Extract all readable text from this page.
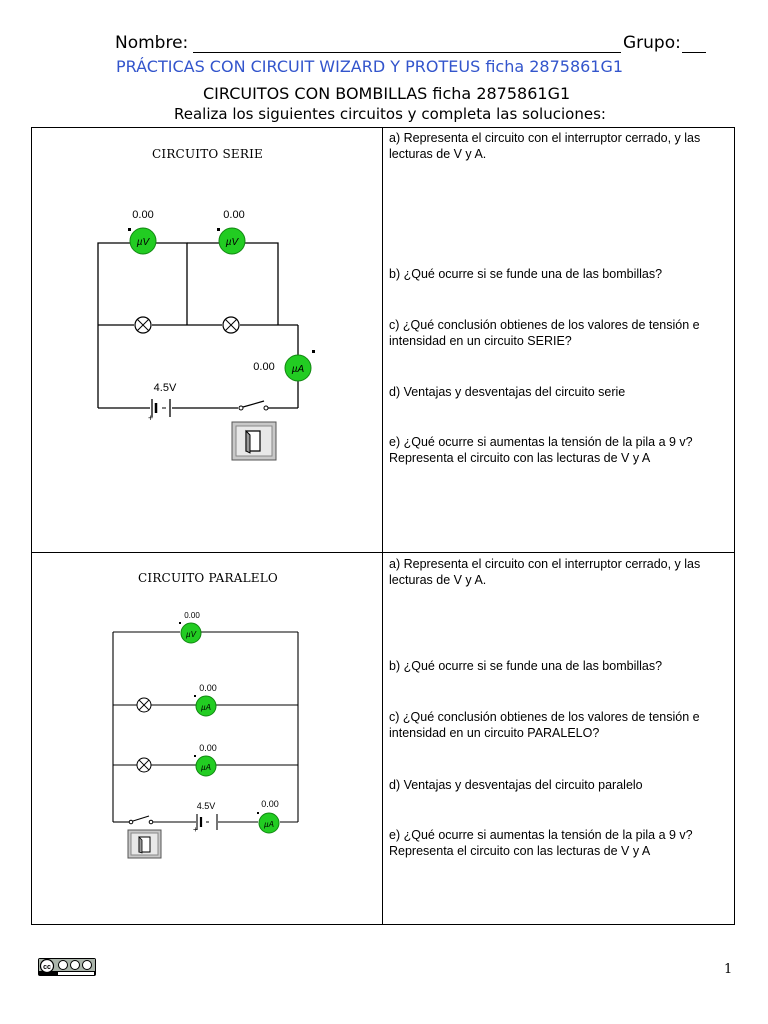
Nombre:	Grupo:
PRÁCTICAS CON CIRCUIT WIZARD Y PROTEUS ficha 2875861G1
CIRCUITOS CON BOMBILLAS ficha 2875861G1
Realiza los siguientes circuitos y completa las soluciones:
CIRCUITO SERIE
µV
0.00
µV
0.00
µA
0.00
+
4.5V
a) Representa el circuito con el interruptor cerrado, y las lecturas de V y A.
b) ¿Qué ocurre si se funde una de las bombillas?
c) ¿Qué conclusión obtienes de los valores de tensión e intensidad en un circuito SERIE?
d) Ventajas y desventajas del circuito serie
e) ¿Qué ocurre si aumentas la tensión de la pila a 9 v? Representa el circuito con las lecturas de V y A
CIRCUITO PARALELO
µV
0.00
µA
0.00
µA
0.00
+
4.5V
µA
0.00
a) Representa el circuito con el interruptor cerrado, y las lecturas de V y A.
b) ¿Qué ocurre si se funde una de las bombillas?
c) ¿Qué conclusión obtienes de los valores de tensión e intensidad en un circuito PARALELO?
d) Ventajas y desventajas del circuito paralelo
e) ¿Qué ocurre si aumentas la tensión de la pila a 9 v? Representa el circuito con las lecturas de V y A
cc	1
